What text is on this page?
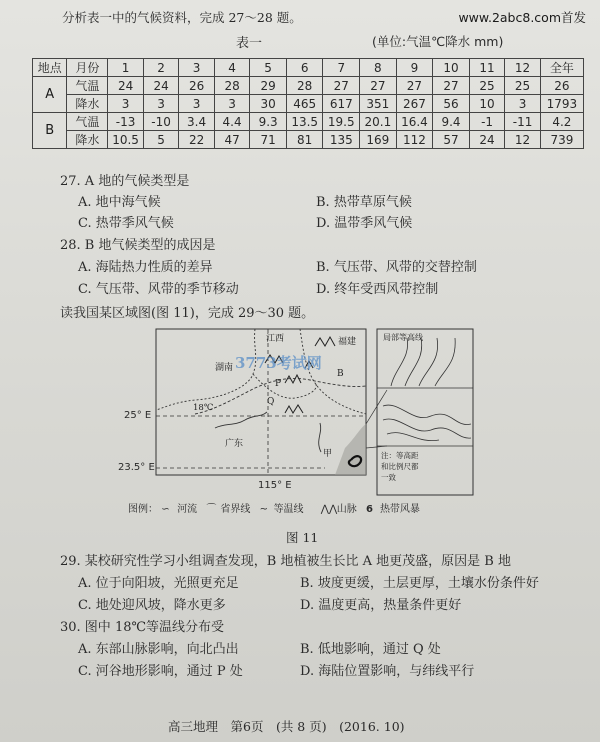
分析表一中的气候资料，完成 27～28 题。	www.2abc8.com首发
表一	(单位:气温℃降水 mm)
地点	月份	1	2	3	4	5	6	7	8	9	10	11	12	全年
A	气温	24	24	26	28	29	28	27	27	27	27	25	25	26
	降水	3	3	3	3	30	465	617	351	267	56	10	3	1793
B	气温	-13	-10	3.4	4.4	9.3	13.5	19.5	20.1	16.4	9.4	-1	-11	4.2
	降水	10.5	5	22	47	71	81	135	169	112	57	24	12	739
27. A 地的气候类型是
A. 地中海气候	B. 热带草原气候
C. 热带季风气候	D. 温带季风气候
28. B 地气候类型的成因是
A. 海陆热力性质的差异	B. 气压带、风带的交替控制
C. 气压带、风带的季节移动	D. 终年受西风带控制
读我国某区域图(图 11)，完成 29～30 题。
江西	福建
湖南
广东
18℃
P
Q
B
甲
局部等高线
注：等高距
和比例尺都
一致
3773考试网
25° E
23.5° E
115° E
图例： ∽ 河流 ⌒ 省界线 ~ 等温线 ⋀⋀山脉 6 热带风暴
图 11
29. 某校研究性学习小组调查发现，B 地植被生长比 A 地更茂盛，原因是 B 地
A. 位于向阳坡，光照更充足	B. 坡度更缓，土层更厚，土壤水份条件好
C. 地处迎风坡，降水更多	D. 温度更高，热量条件更好
30. 图中 18℃等温线分布受
A. 东部山脉影响，向北凸出	B. 低地影响，通过 Q 处
C. 河谷地形影响，通过 P 处	D. 海陆位置影响，与纬线平行
高三地理　第6页　(共 8 页)　(2016. 10)
